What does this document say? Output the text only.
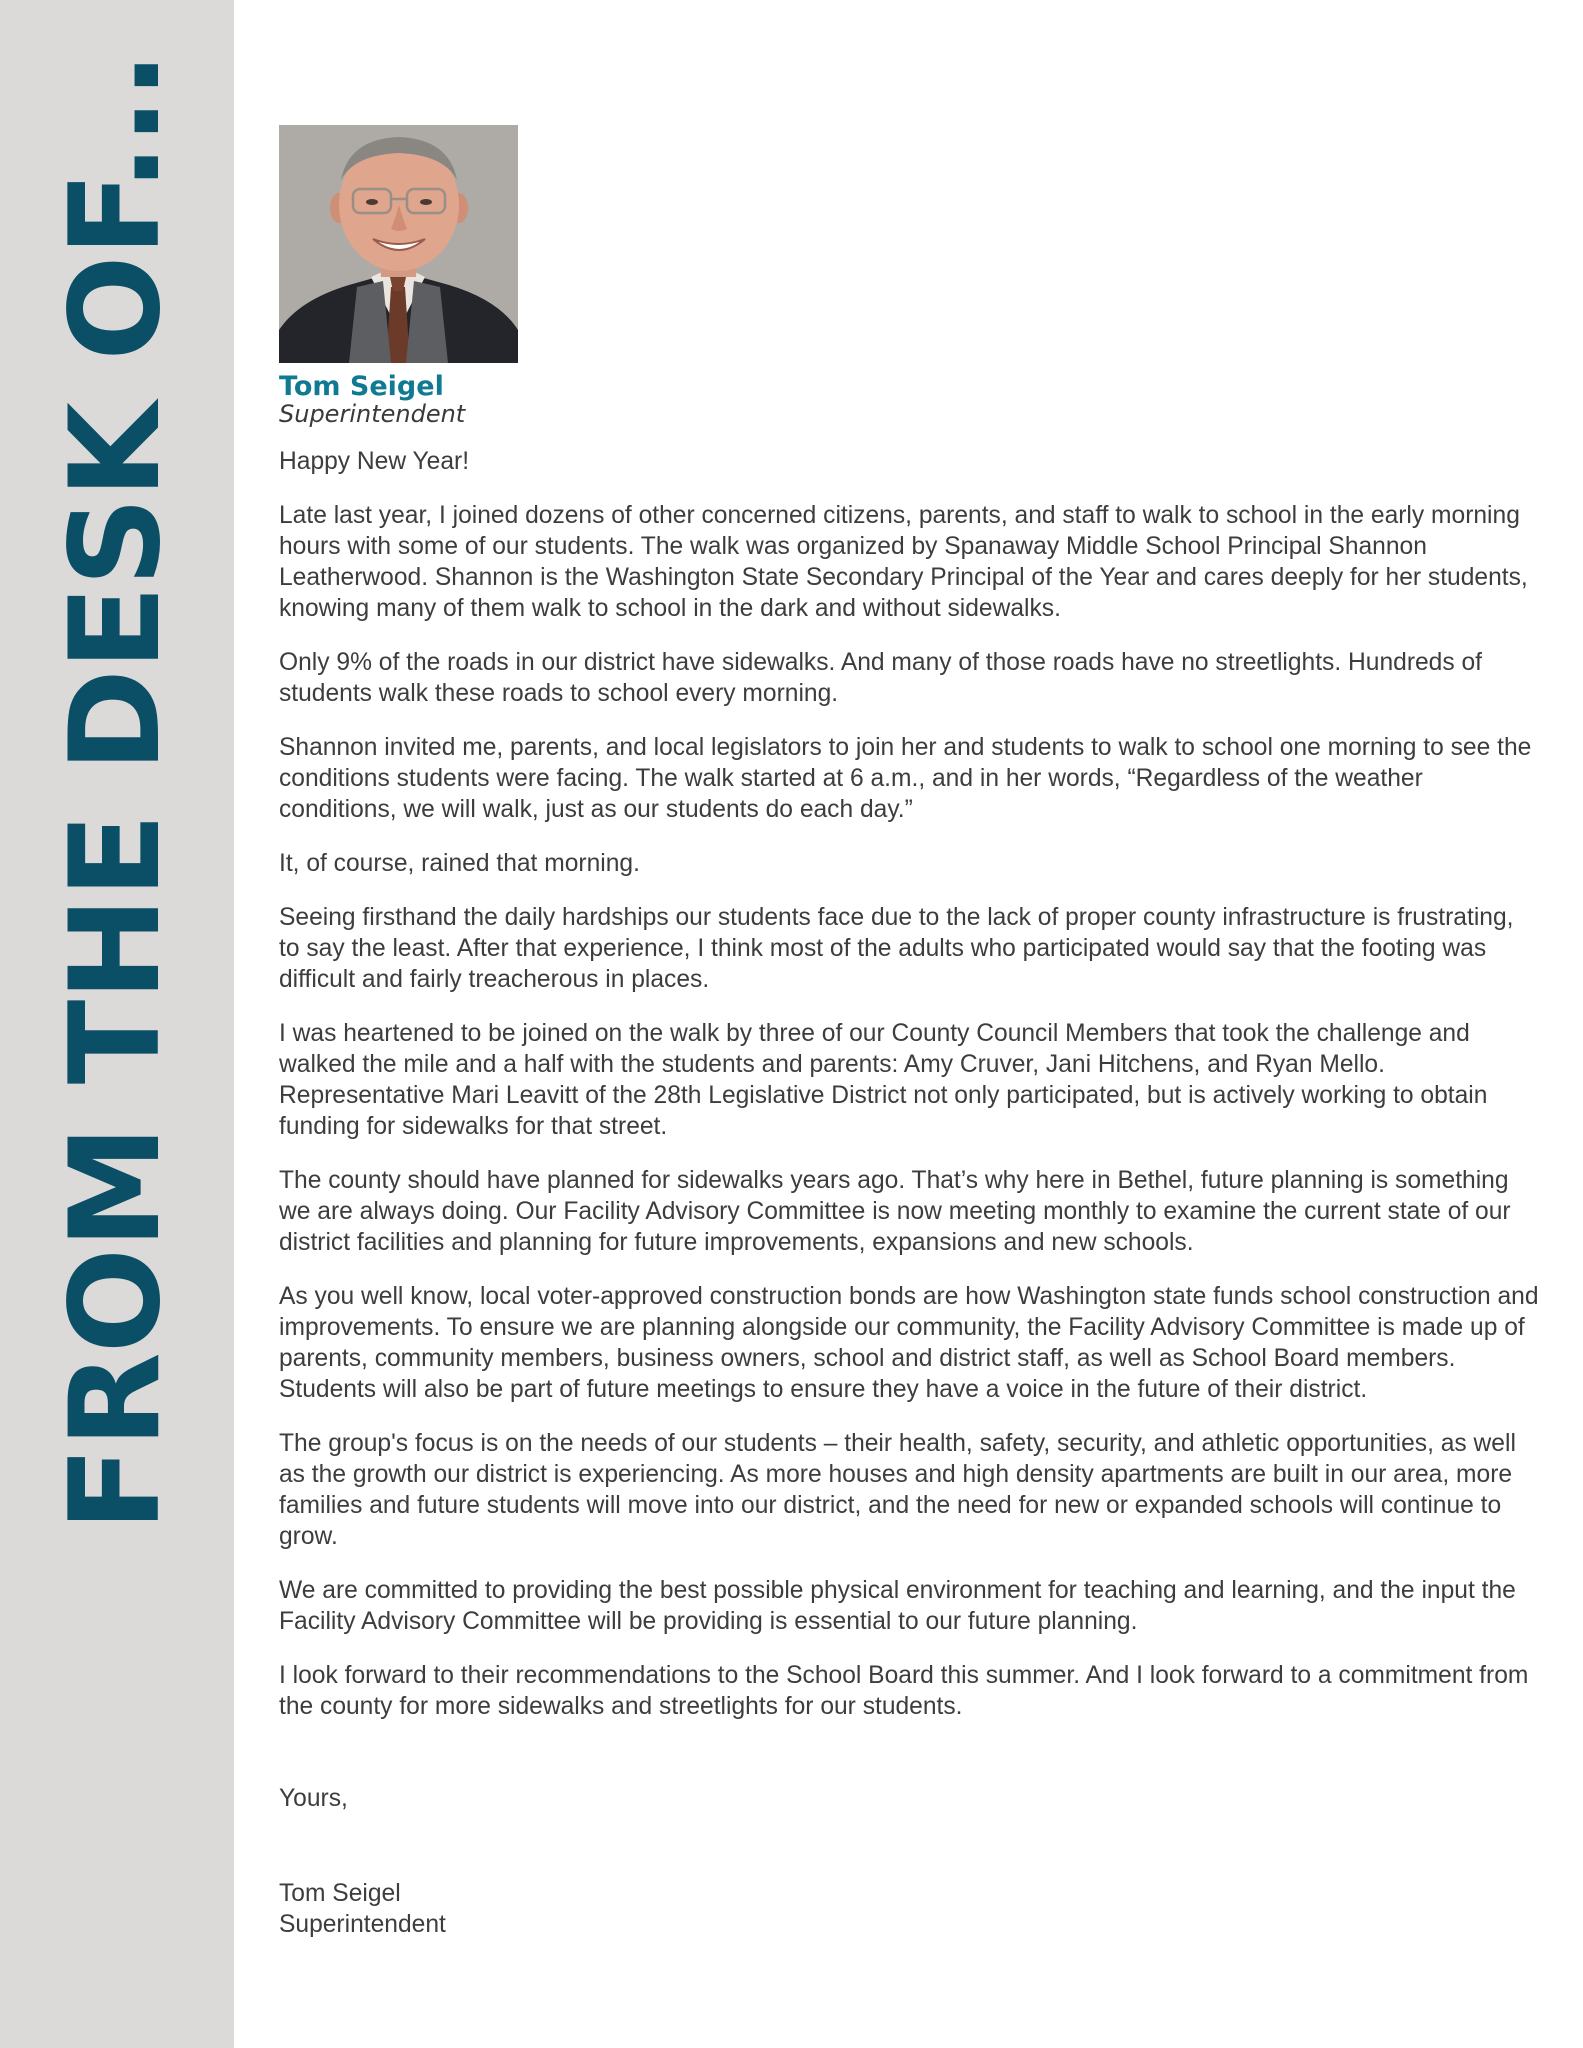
FROM THE DESK OF...	Tom Seigel
Superintendent

Happy New Year!

Late last year, I joined dozens of other concerned citizens, parents, and staff to walk to school in the early morning hours with some of our students. The walk was organized by Spanaway Middle School Principal Shannon Leatherwood. Shannon is the Washington State Secondary Principal of the Year and cares deeply for her students, knowing many of them walk to school in the dark and without sidewalks.

Only 9% of the roads in our district have sidewalks. And many of those roads have no streetlights. Hundreds of students walk these roads to school every morning.

Shannon invited me, parents, and local legislators to join her and students to walk to school one morning to see the conditions students were facing. The walk started at 6 a.m., and in her words, “Regardless of the weather conditions, we will walk, just as our students do each day.”

It, of course, rained that morning.

Seeing firsthand the daily hardships our students face due to the lack of proper county infrastructure is frustrating, to say the least. After that experience, I think most of the adults who participated would say that the footing was difficult and fairly treacherous in places.

I was heartened to be joined on the walk by three of our County Council Members that took the challenge and walked the mile and a half with the students and parents: Amy Cruver, Jani Hitchens, and Ryan Mello. Representative Mari Leavitt of the 28th Legislative District not only participated, but is actively working to obtain funding for sidewalks for that street.

The county should have planned for sidewalks years ago. That’s why here in Bethel, future planning is something we are always doing. Our Facility Advisory Committee is now meeting monthly to examine the current state of our district facilities and planning for future improvements, expansions and new schools.

As you well know, local voter-approved construction bonds are how Washington state funds school construction and improvements. To ensure we are planning alongside our community, the Facility Advisory Committee is made up of parents, community members, business owners, school and district staff, as well as School Board members. Students will also be part of future meetings to ensure they have a voice in the future of their district.

The group's focus is on the needs of our students – their health, safety, security, and athletic opportunities, as well as the growth our district is experiencing. As more houses and high density apartments are built in our area, more families and future students will move into our district, and the need for new or expanded schools will continue to grow.

We are committed to providing the best possible physical environment for teaching and learning, and the input the Facility Advisory Committee will be providing is essential to our future planning.

I look forward to their recommendations to the School Board this summer. And I look forward to a commitment from the county for more sidewalks and streetlights for our students.

Yours,
Tom Seigel
Superintendent
